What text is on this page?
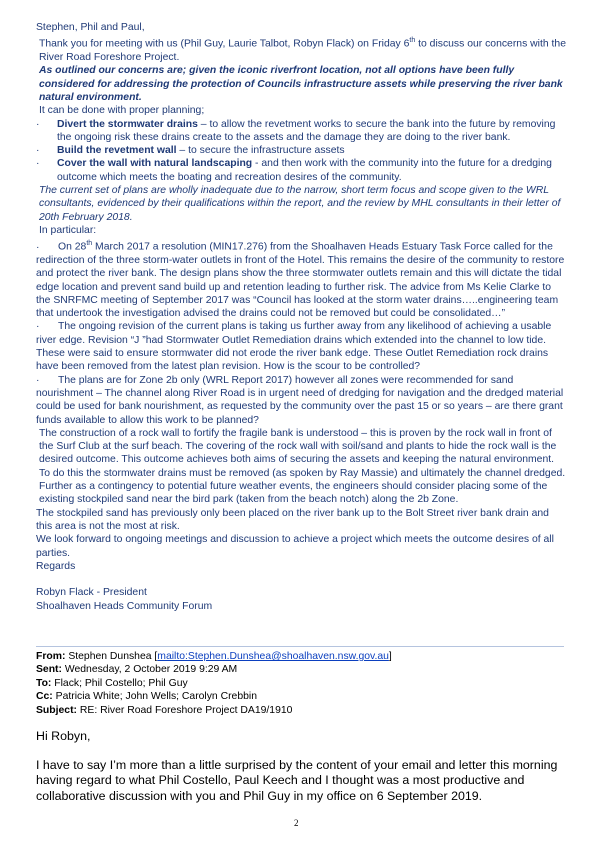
Stephen, Phil and Paul,

Thank you for meeting with us (Phil Guy, Laurie Talbot, Robyn Flack) on Friday 6th to discuss our concerns with the River Road Foreshore Project.

As outlined our concerns are; given the iconic riverfront location, not all options have been fully considered for addressing the protection of Councils infrastructure assets while preserving the river bank natural environment.

It can be done with proper planning;

· Divert the stormwater drains – to allow the revetment works to secure the bank into the future by removing the ongoing risk these drains create to the assets and the damage they are doing to the river bank.

· Build the revetment wall – to secure the infrastructure assets

· Cover the wall with natural landscaping - and then work with the community into the future for a dredging outcome which meets the boating and recreation desires of the community.

The current set of plans are wholly inadequate due to the narrow, short term focus and scope given to the WRL consultants, evidenced by their qualifications within the report, and the review by MHL consultants in their letter of 20th February 2018.

In particular:

· On 28th March 2017 a resolution (MIN17.276) from the Shoalhaven Heads Estuary Task Force called for the redirection of the three storm-water outlets in front of the Hotel. This remains the desire of the community to restore and protect the river bank. The design plans show the three stormwater outlets remain and this will dictate the tidal edge location and prevent sand build up and retention leading to further risk. The advice from Ms Kelie Clarke to the SNRFMC meeting of September 2017 was “Council has looked at the storm water drains…..engineering team that undertook the investigation advised the drains could not be removed but could be consolidated…”

· The ongoing revision of the current plans is taking us further away from any likelihood of achieving a usable river edge. Revision “J ”had Stormwater Outlet Remediation drains which extended into the channel to low tide. These were said to ensure stormwater did not erode the river bank edge. These Outlet Remediation rock drains have been removed from the latest plan revision. How is the scour to be controlled?

· The plans are for Zone 2b only (WRL Report 2017) however all zones were recommended for sand nourishment – The channel along River Road is in urgent need of dredging for navigation and the dredged material could be used for bank nourishment, as requested by the community over the past 15 or so years – are there grant funds available to allow this work to be planned?

The construction of a rock wall to fortify the fragile bank is understood – this is proven by the rock wall in front of the Surf Club at the surf beach. The covering of the rock wall with soil/sand and plants to hide the rock wall is the desired outcome. This outcome achieves both aims of securing the assets and keeping the natural environment. To do this the stormwater drains must be removed (as spoken by Ray Massie) and ultimately the channel dredged.

Further as a contingency to potential future weather events, the engineers should consider placing some of the existing stockpiled sand near the bird park (taken from the beach notch) along the 2b Zone.

The stockpiled sand has previously only been placed on the river bank up to the Bolt Street river bank drain and this area is not the most at risk.

We look forward to ongoing meetings and discussion to achieve a project which meets the outcome desires of all parties.

Regards

Robyn Flack - President

Shoalhaven Heads Community Forum

From: Stephen Dunshea [mailto:Stephen.Dunshea@shoalhaven.nsw.gov.au]

Sent: Wednesday, 2 October 2019 9:29 AM

To: Flack; Phil Costello; Phil Guy

Cc: Patricia White; John Wells; Carolyn Crebbin

Subject: RE: River Road Foreshore Project DA19/1910

Hi Robyn,

I have to say I’m more than a little surprised by the content of your email and letter this morning having regard to what Phil Costello, Paul Keech and I thought was a most productive and collaborative discussion with you and Phil Guy in my office on 6 September 2019.

2
